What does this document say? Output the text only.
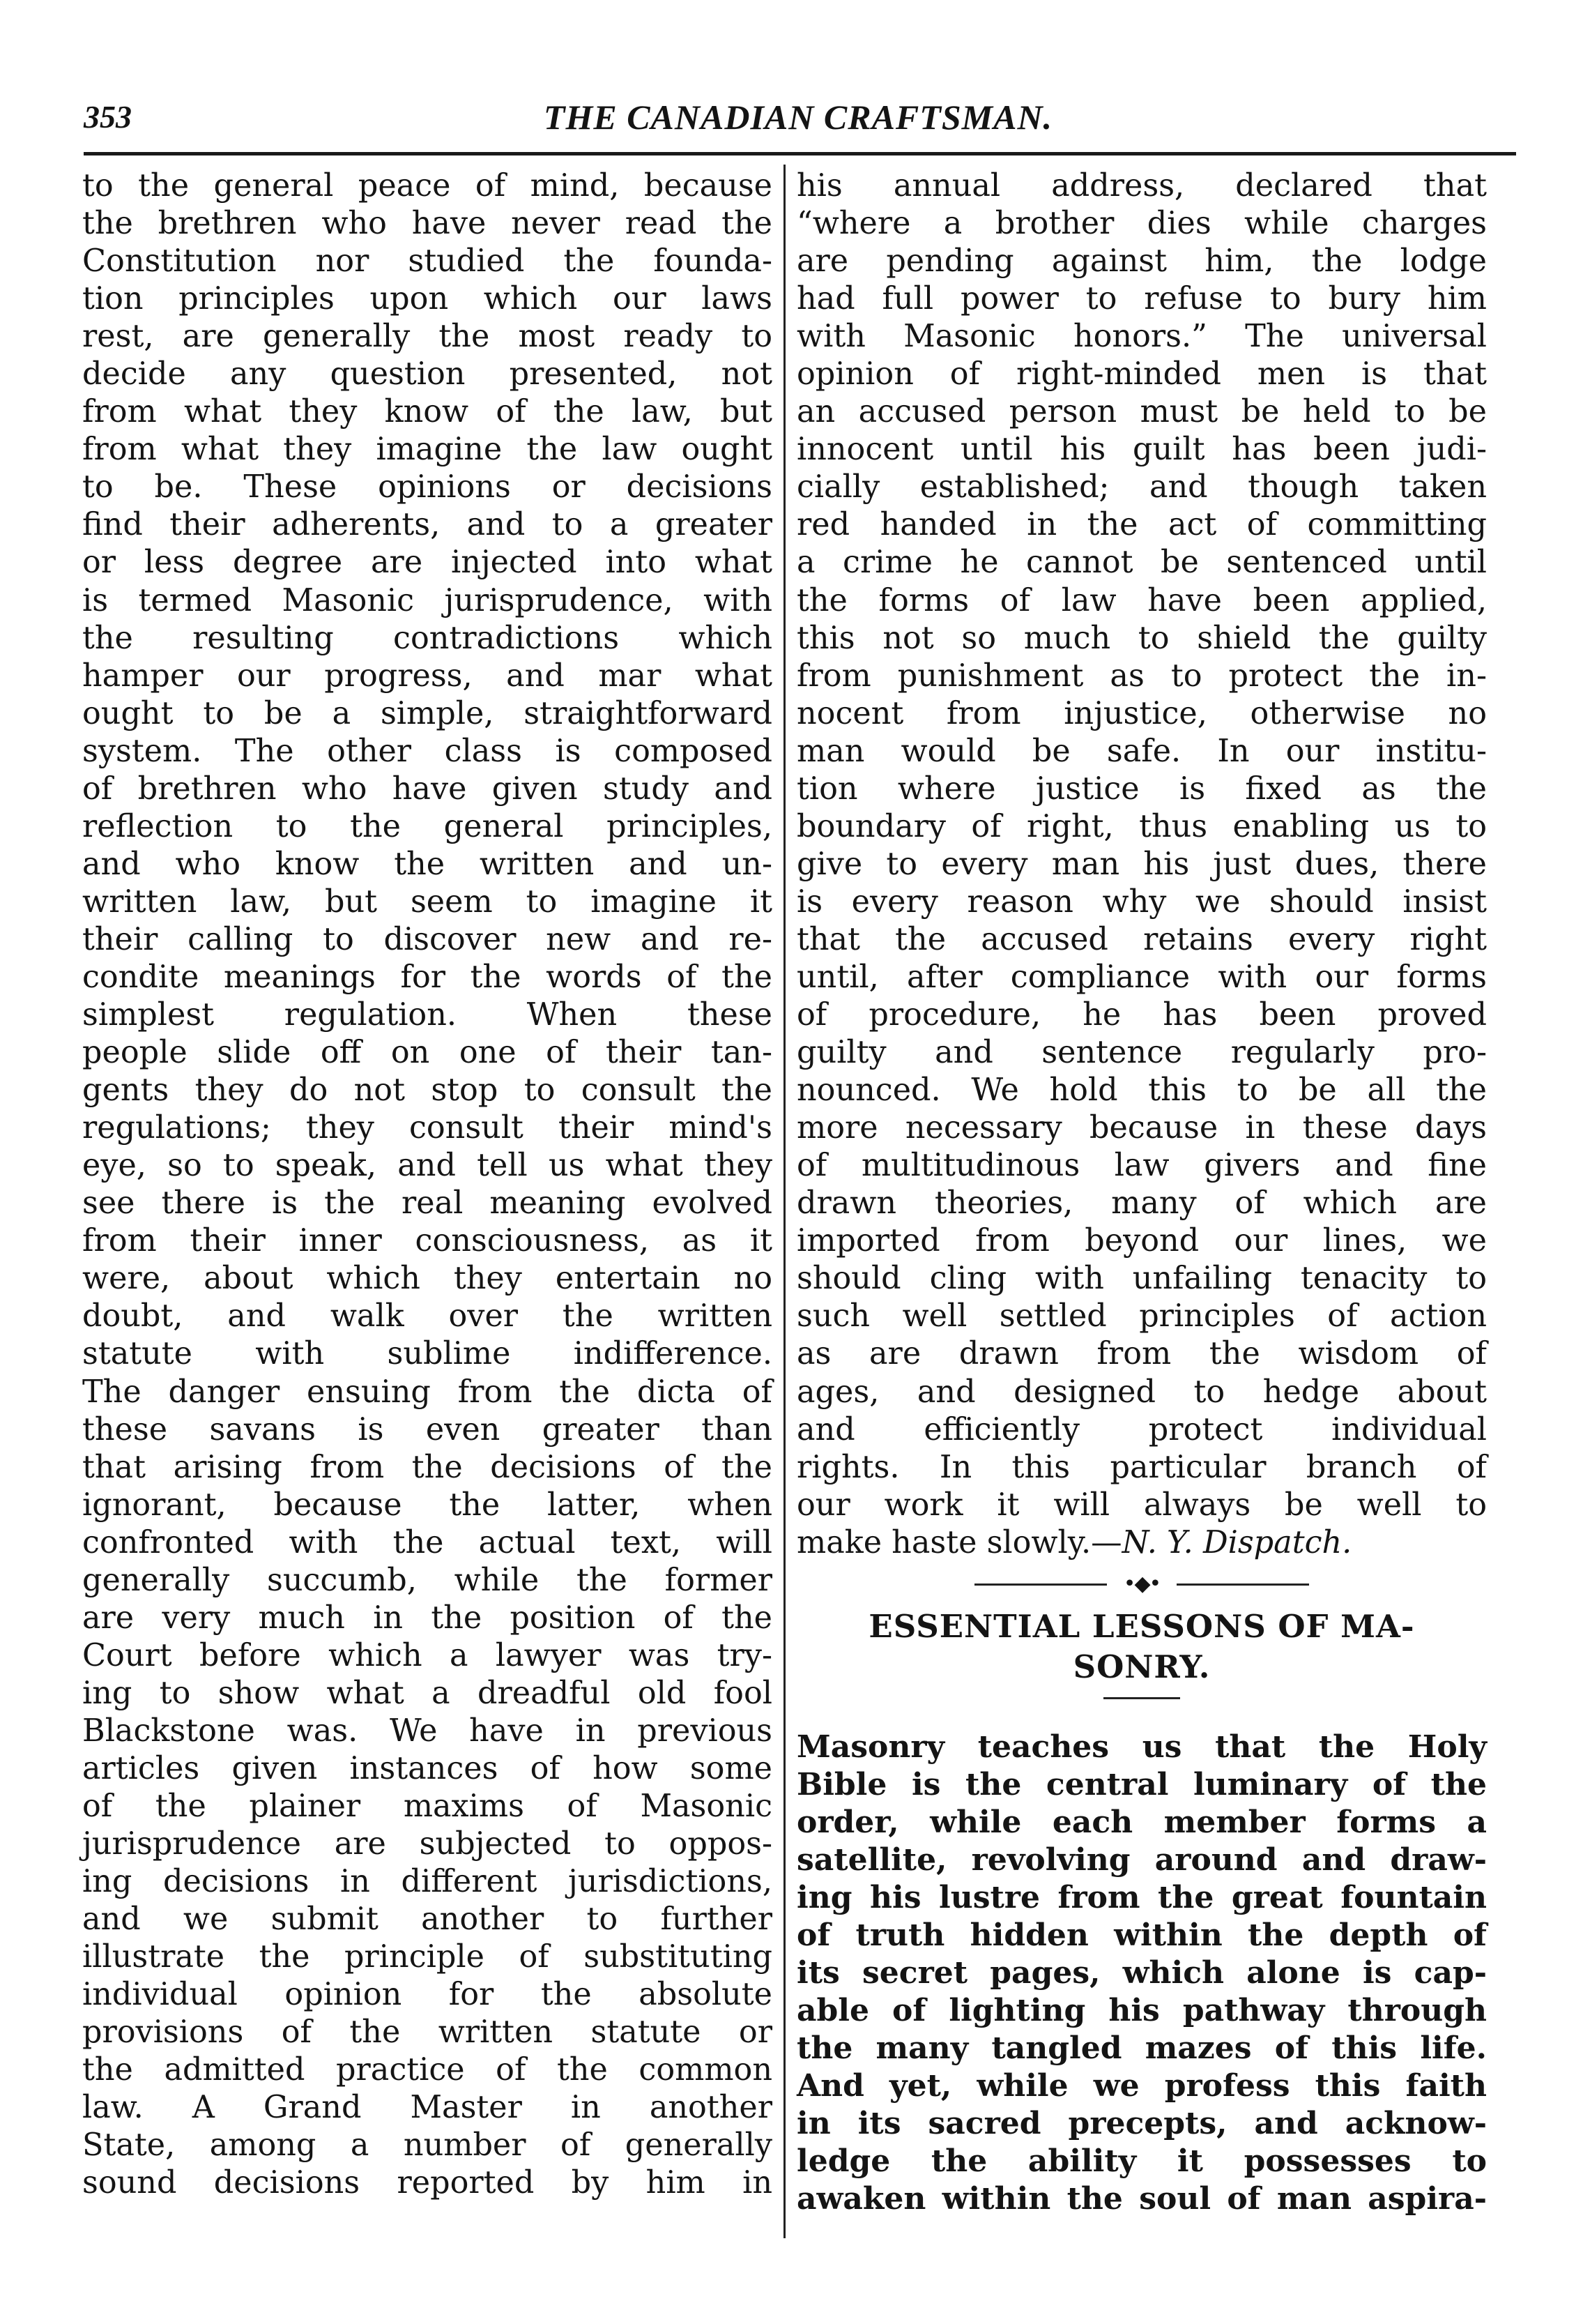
353	THE CANADIAN CRAFTSMAN.
to the general peace of mind, because
the brethren who have never read the
Constitution nor studied the founda-
tion principles upon which our laws
rest, are generally the most ready to
decide any question presented, not
from what they know of the law, but
from what they imagine the law ought
to be. These opinions or decisions
find their adherents, and to a greater
or less degree are injected into what
is termed Masonic jurisprudence, with
the resulting contradictions which
hamper our progress, and mar what
ought to be a simple, straightforward
system. The other class is composed
of brethren who have given study and
reflection to the general principles,
and who know the written and un-
written law, but seem to imagine it
their calling to discover new and re-
condite meanings for the words of the
simplest regulation. When these
people slide off on one of their tan-
gents they do not stop to consult the
regulations; they consult their mind's
eye, so to speak, and tell us what they
see there is the real meaning evolved
from their inner consciousness, as it
were, about which they entertain no
doubt, and walk over the written
statute with sublime indifference.
The danger ensuing from the dicta of
these savans is even greater than
that arising from the decisions of the
ignorant, because the latter, when
confronted with the actual text, will
generally succumb, while the former
are very much in the position of the
Court before which a lawyer was try-
ing to show what a dreadful old fool
Blackstone was. We have in previous
articles given instances of how some
of the plainer maxims of Masonic
jurisprudence are subjected to oppos-
ing decisions in different jurisdictions,
and we submit another to further
illustrate the principle of substituting
individual opinion for the absolute
provisions of the written statute or
the admitted practice of the common
law. A Grand Master in another
State, among a number of generally
sound decisions reported by him in
his annual address, declared that
“where a brother dies while charges
are pending against him, the lodge
had full power to refuse to bury him
with Masonic honors.” The universal
opinion of right-minded men is that
an accused person must be held to be
innocent until his guilt has been judi-
cially established; and though taken
red handed in the act of committing
a crime he cannot be sentenced until
the forms of law have been applied,
this not so much to shield the guilty
from punishment as to protect the in-
nocent from injustice, otherwise no
man would be safe. In our institu-
tion where justice is fixed as the
boundary of right, thus enabling us to
give to every man his just dues, there
is every reason why we should insist
that the accused retains every right
until, after compliance with our forms
of procedure, he has been proved
guilty and sentence regularly pro-
nounced. We hold this to be all the
more necessary because in these days
of multitudinous law givers and fine
drawn theories, many of which are
imported from beyond our lines, we
should cling with unfailing tenacity to
such well settled principles of action
as are drawn from the wisdom of
ages, and designed to hedge about
and efficiently protect individual
rights. In this particular branch of
our work it will always be well to
make haste slowly.—N. Y. Dispatch.
•◆•
ESSENTIAL LESSONS OF MA-
SONRY.
Masonry teaches us that the Holy
Bible is the central luminary of the
order, while each member forms a
satellite, revolving around and draw-
ing his lustre from the great fountain
of truth hidden within the depth of
its secret pages, which alone is cap-
able of lighting his pathway through
the many tangled mazes of this life.
And yet, while we profess this faith
in its sacred precepts, and acknow-
ledge the ability it possesses to
awaken within the soul of man aspira-
